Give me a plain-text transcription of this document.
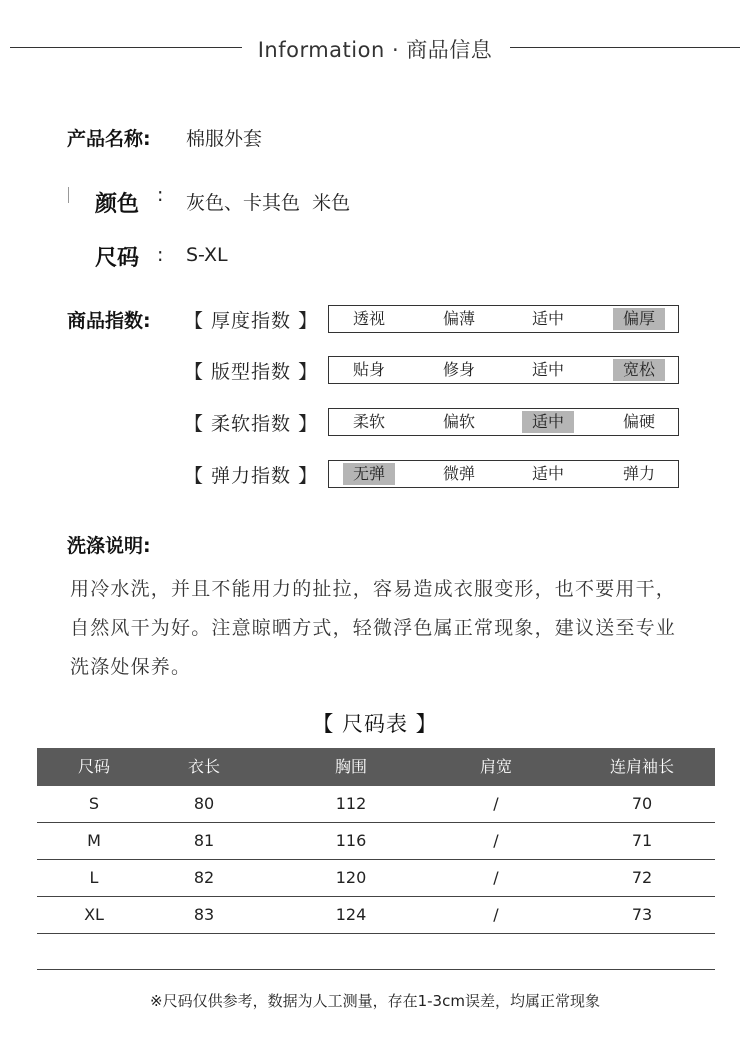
Information · 商品信息
产品名称: 棉服外套
颜色 : 灰色、卡其色  米色
尺码 : S-XL
商品指数: 【 厚度指数 】	透视	偏薄	适中	偏厚
【 版型指数 】	贴身	修身	适中	宽松
【 柔软指数 】	柔软	偏软	适中	偏硬
【 弹力指数 】	无弹	微弹	适中	弹力
洗涤说明:
用冷水洗，并且不能用力的扯拉，容易造成衣服变形，也不要用干，自然风干为好。注意晾晒方式，轻微浮色属正常现象，建议送至专业洗涤处保养。
【 尺码表 】
尺码	衣长	胸围	肩宽	连肩袖长
S	80	112	/	70
M	81	116	/	71
L	82	120	/	72
XL	83	124	/	73
※尺码仅供参考，数据为人工测量，存在1-3cm误差，均属正常现象
